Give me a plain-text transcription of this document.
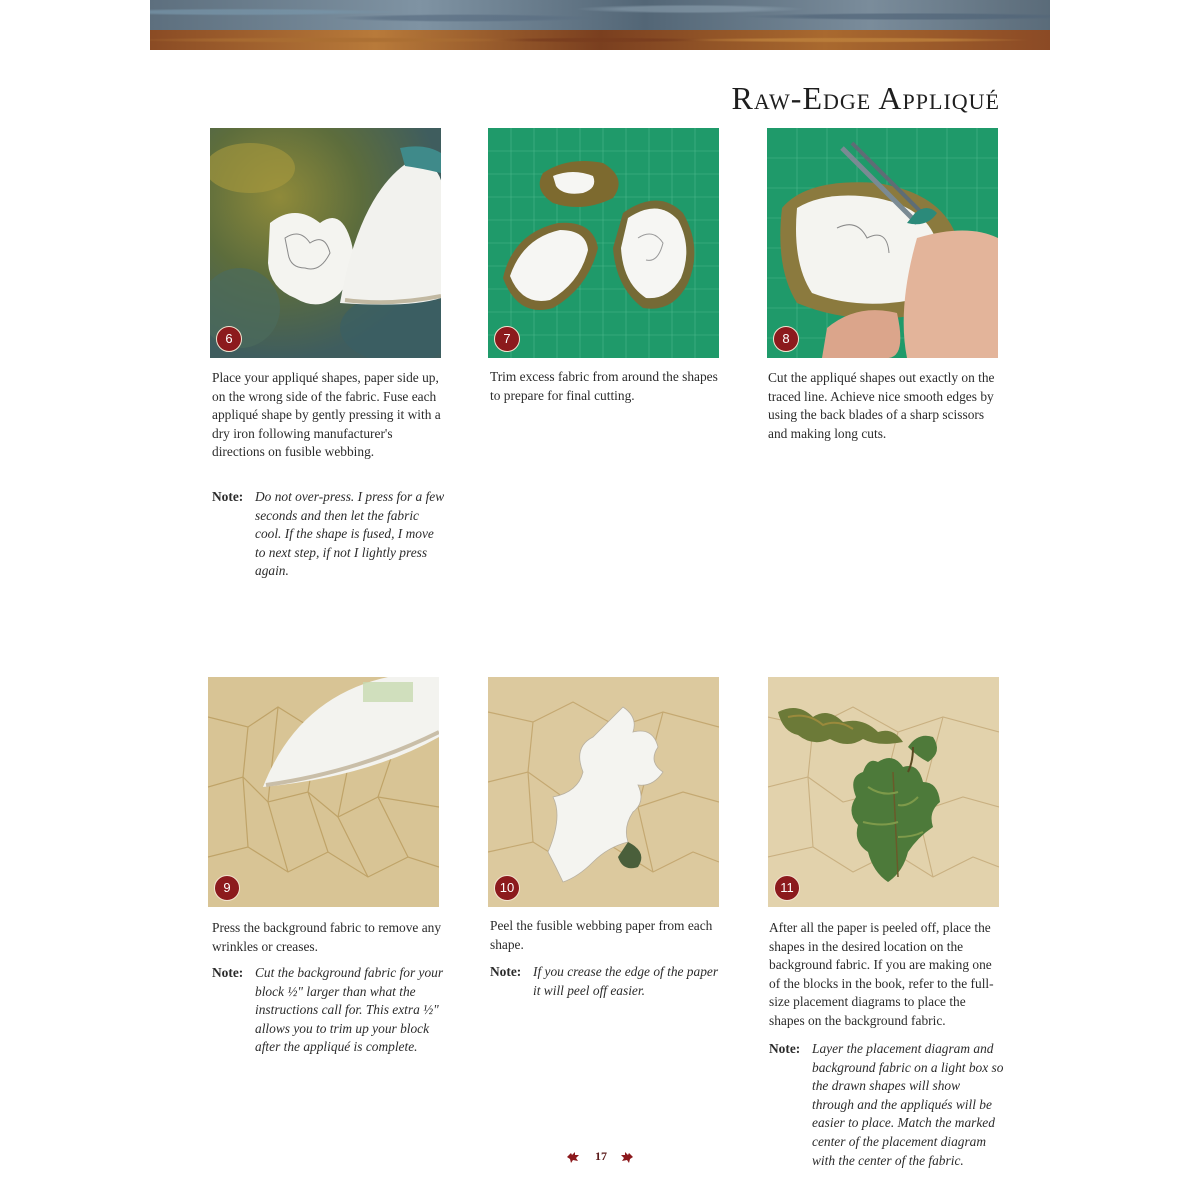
Raw-Edge Appliqué
6	7	8
9	10	11
Place your appliqué shapes, paper side up, on the wrong side of the fabric. Fuse each appliqué shape by gently pressing it with a dry iron following manufacturer's directions on fusible webbing.
Note: Do not over-press. I press for a few seconds and then let the fabric cool. If the shape is fused, I move to next step, if not I lightly press again.
Trim excess fabric from around the shapes to prepare for final cutting.
Cut the appliqué shapes out exactly on the traced line. Achieve nice smooth edges by using the back blades of a sharp scissors and making long cuts.
Press the background fabric to remove any wrinkles or creases.
Note: Cut the background fabric for your block ½" larger than what the instructions call for. This extra ½" allows you to trim up your block after the appliqué is complete.
Peel the fusible webbing paper from each shape.
Note: If you crease the edge of the paper it will peel off easier.
After all the paper is peeled off, place the shapes in the desired location on the background fabric. If you are making one of the blocks in the book, refer to the full-size placement diagrams to place the shapes on the background fabric.
Note: Layer the placement diagram and background fabric on a light box so the drawn shapes will show through and the appliqués will be easier to place. Match the marked center of the placement diagram with the center of the fabric.
17
